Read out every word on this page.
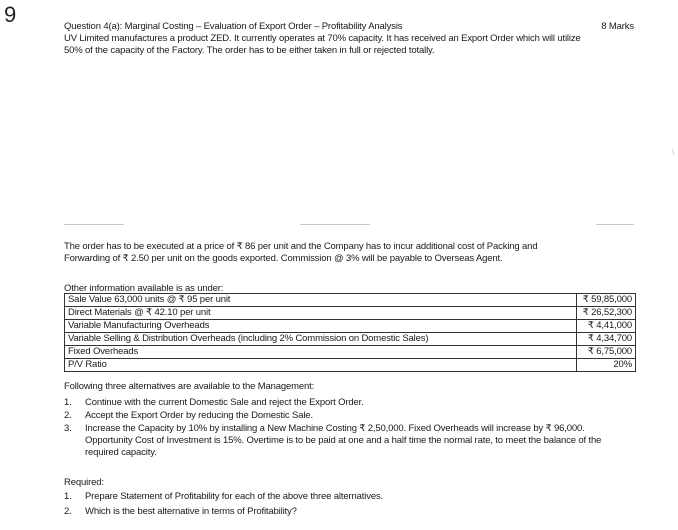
9	Question 4(a): Marginal Costing – Evaluation of Export Order – Profitability Analysis	8 Marks
UV Limited manufactures a product ZED. It currently operates at 70% capacity. It has received an Export Order which will utilize
50% of the capacity of the Factory. The order has to be either taken in full or rejected totally.
\
The order has to be executed at a price of ₹ 86 per unit and the Company has to incur additional cost of Packing and
Forwarding of ₹ 2.50 per unit on the goods exported. Commission @ 3% will be payable to Overseas Agent.
Other information available is as under:
Sale Value 63,000 units @ ₹ 95 per unit	₹ 59,85,000
Direct Materials @ ₹ 42.10 per unit	₹ 26,52,300
Variable Manufacturing Overheads	₹ 4,41,000
Variable Selling & Distribution Overheads (including 2% Commission on Domestic Sales)	₹ 4,34,700
Fixed Overheads	₹ 6,75,000
P/V Ratio	20%
Following three alternatives are available to the Management:
1.	Continue with the current Domestic Sale and reject the Export Order.
2.	Accept the Export Order by reducing the Domestic Sale.
3.	Increase the Capacity by 10% by installing a New Machine Costing ₹ 2,50,000. Fixed Overheads will increase by ₹ 96,000. Opportunity Cost of Investment is 15%. Overtime is to be paid at one and a half time the normal rate, to meet the balance of the required capacity.
Required:
1.	Prepare Statement of Profitability for each of the above three alternatives.
2.	Which is the best alternative in terms of Profitability?
